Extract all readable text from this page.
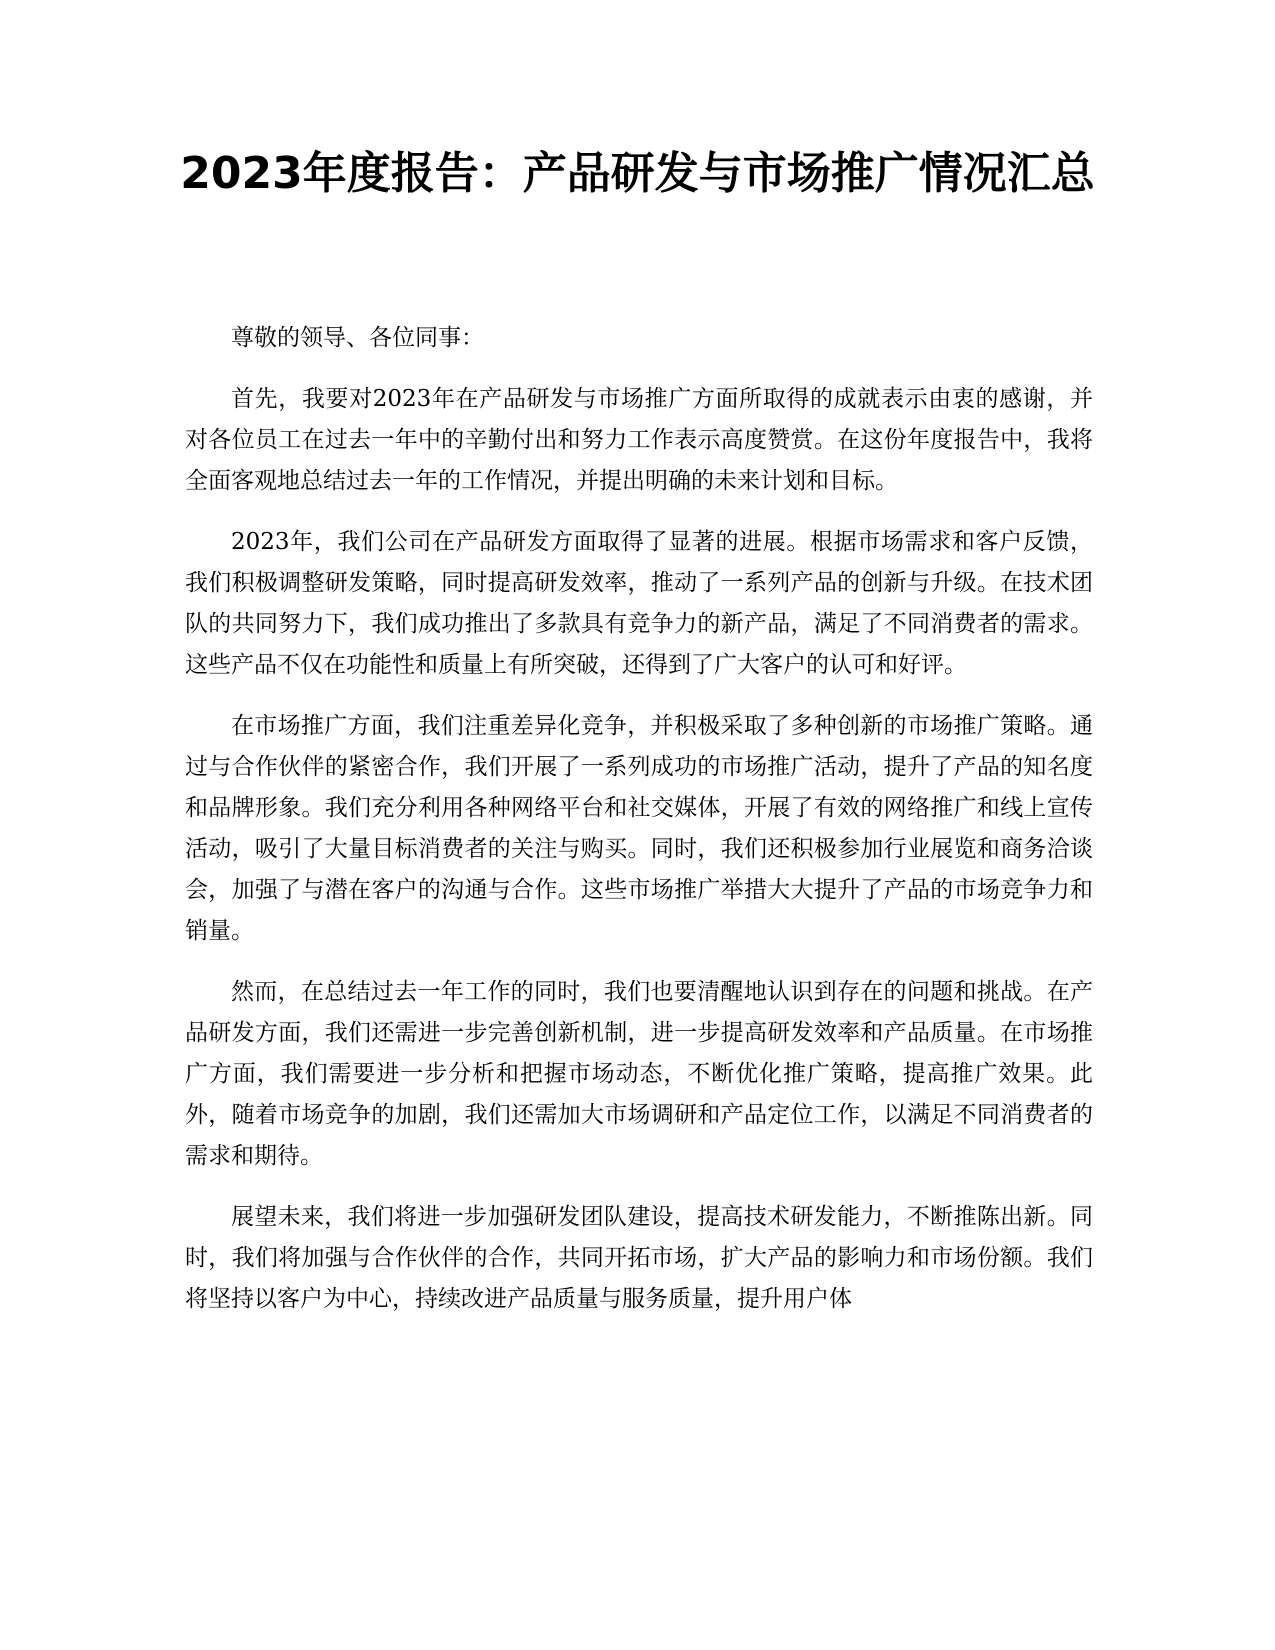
2023年度报告：产品研发与市场推广情况汇总

尊敬的领导、各位同事：

首先，我要对2023年在产品研发与市场推广方面所取得的成就表示由衷的感谢，并对各位员工在过去一年中的辛勤付出和努力工作表示高度赞赏。在这份年度报告中，我将全面客观地总结过去一年的工作情况，并提出明确的未来计划和目标。

2023年，我们公司在产品研发方面取得了显著的进展。根据市场需求和客户反馈，我们积极调整研发策略，同时提高研发效率，推动了一系列产品的创新与升级。在技术团队的共同努力下，我们成功推出了多款具有竞争力的新产品，满足了不同消费者的需求。这些产品不仅在功能性和质量上有所突破，还得到了广大客户的认可和好评。

在市场推广方面，我们注重差异化竞争，并积极采取了多种创新的市场推广策略。通过与合作伙伴的紧密合作，我们开展了一系列成功的市场推广活动，提升了产品的知名度和品牌形象。我们充分利用各种网络平台和社交媒体，开展了有效的网络推广和线上宣传活动，吸引了大量目标消费者的关注与购买。同时，我们还积极参加行业展览和商务洽谈会，加强了与潜在客户的沟通与合作。这些市场推广举措大大提升了产品的市场竞争力和销量。

然而，在总结过去一年工作的同时，我们也要清醒地认识到存在的问题和挑战。在产品研发方面，我们还需进一步完善创新机制，进一步提高研发效率和产品质量。在市场推广方面，我们需要进一步分析和把握市场动态，不断优化推广策略，提高推广效果。此外，随着市场竞争的加剧，我们还需加大市场调研和产品定位工作，以满足不同消费者的需求和期待。

展望未来，我们将进一步加强研发团队建设，提高技术研发能力，不断推陈出新。同时，我们将加强与合作伙伴的合作，共同开拓市场，扩大产品的影响力和市场份额。我们将坚持以客户为中心，持续改进产品质量与服务质量，提升用户体
